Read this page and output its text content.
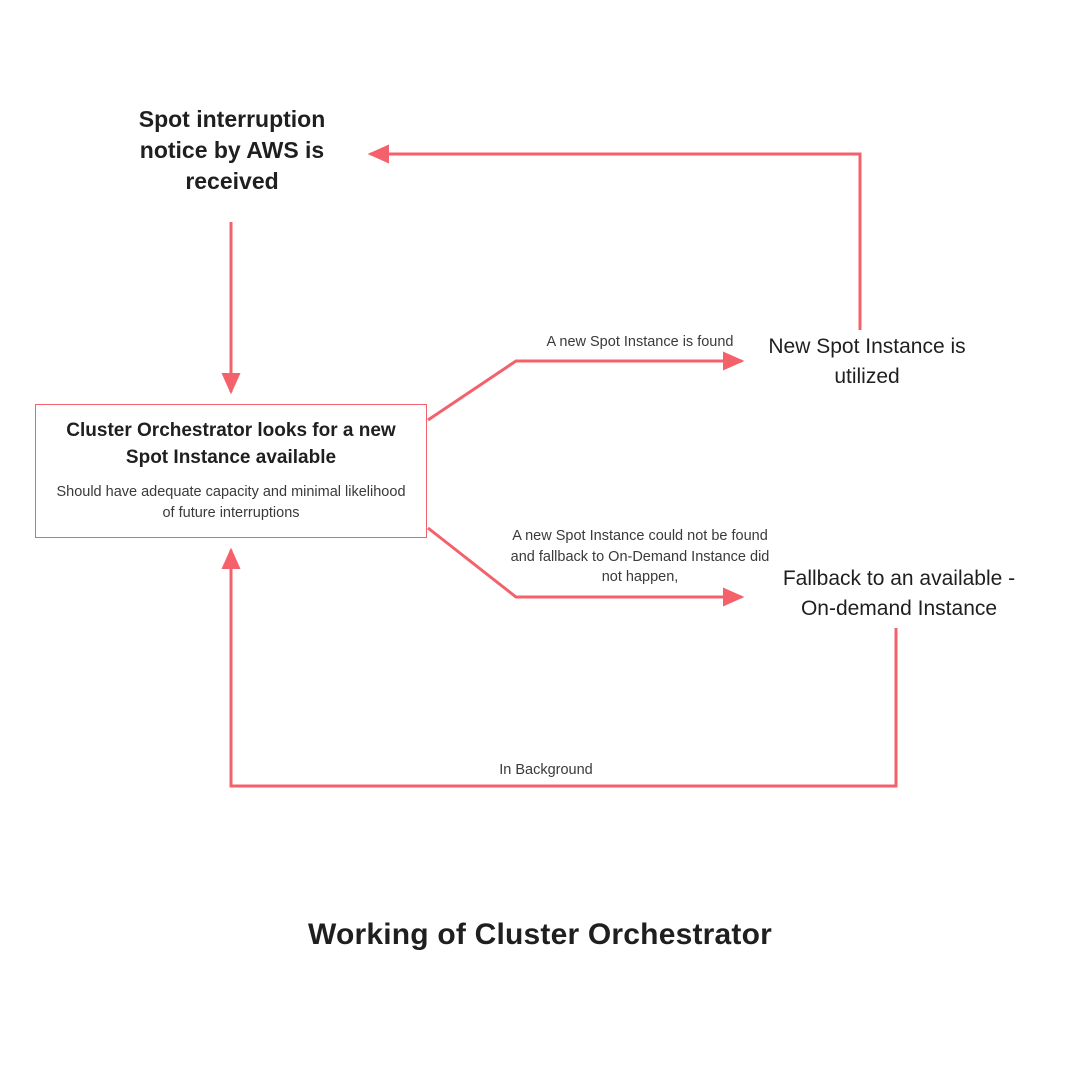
Spot interruption notice by AWS is received
Cluster Orchestrator looks for a new Spot Instance available
Should have adequate capacity and minimal likelihood of future interruptions
New Spot Instance is utilized
Fallback to an available -On-demand Instance
A new Spot Instance is found
A new Spot Instance could not be found and fallback to On-Demand Instance did not happen,
In Background
Working of Cluster Orchestrator
